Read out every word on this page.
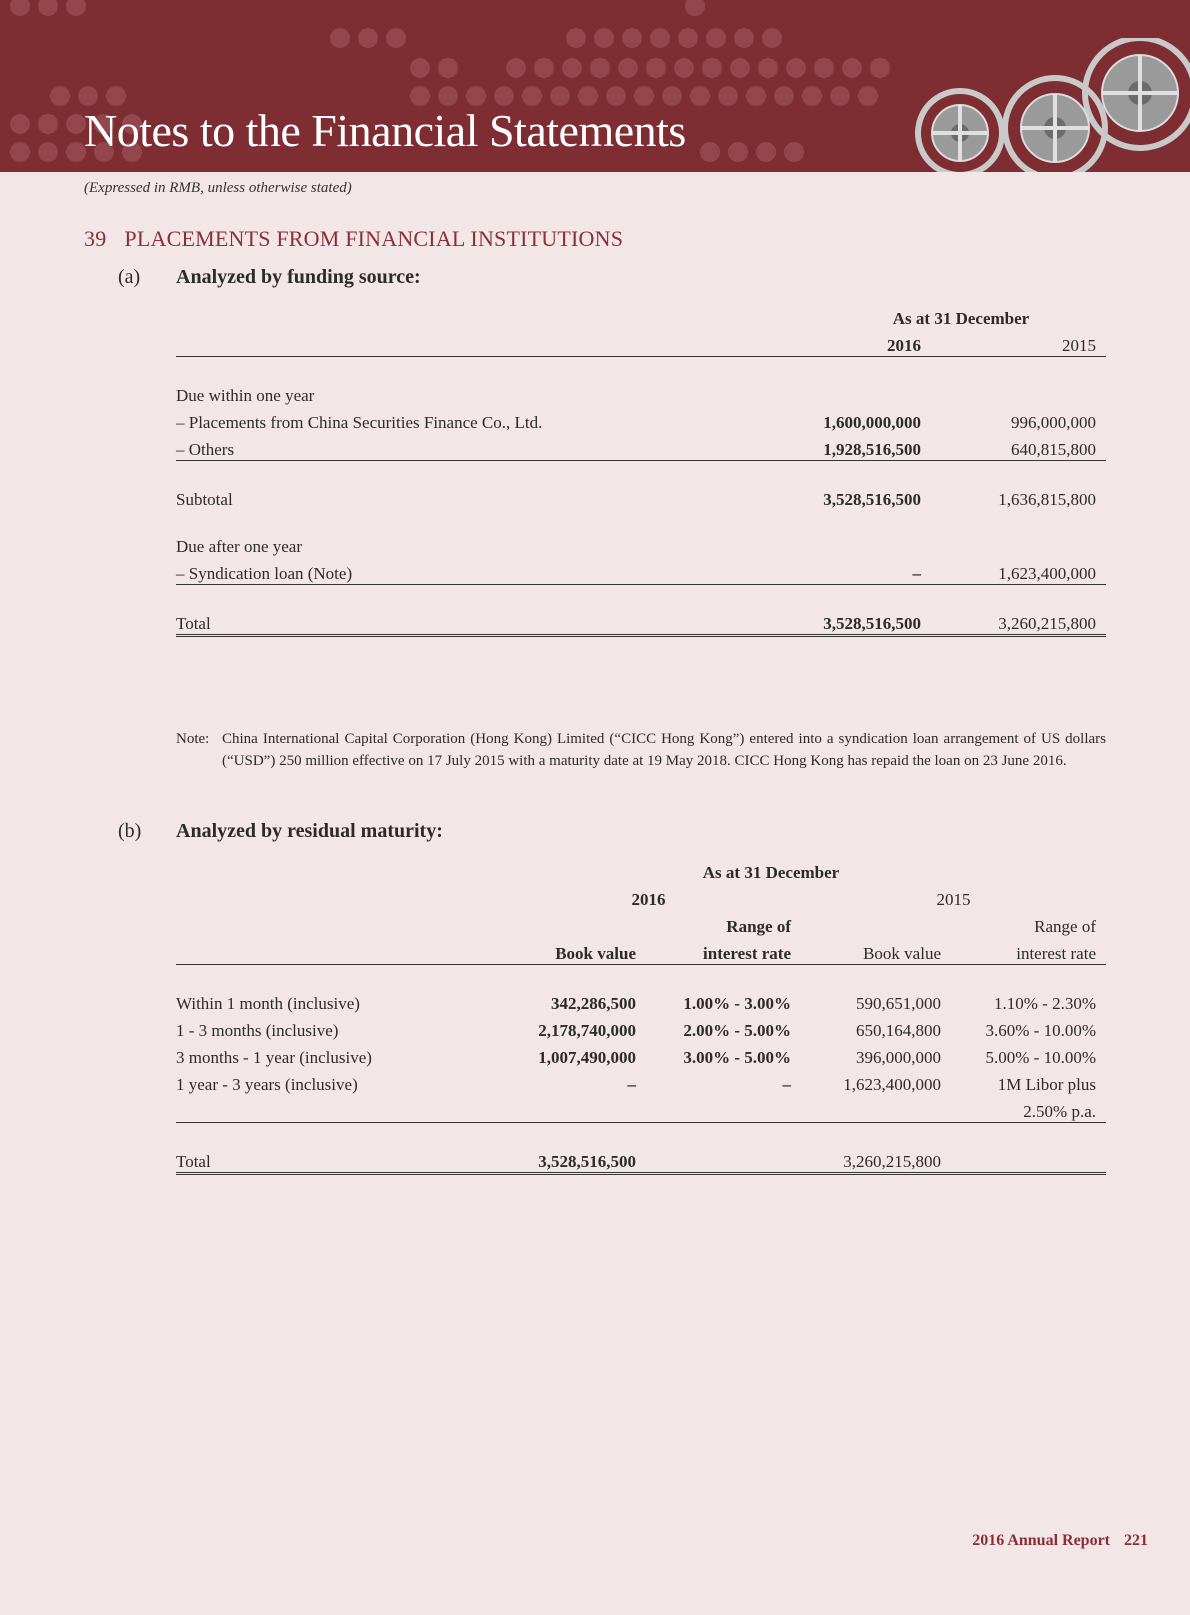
Notes to the Financial Statements
(Expressed in RMB, unless otherwise stated)
39 PLACEMENTS FROM FINANCIAL INSTITUTIONS
(a) Analyzed by funding source:
	As at 31 December	
	2016	2015

Due within one year		
– Placements from China Securities Finance Co., Ltd.	1,600,000,000	996,000,000
– Others	1,928,516,500	640,815,800

Subtotal	3,528,516,500	1,636,815,800

Due after one year		
– Syndication loan (Note)	–	1,623,400,000

Total	3,528,516,500	3,260,215,800
Note: China International Capital Corporation (Hong Kong) Limited (“CICC Hong Kong”) entered into a syndication loan arrangement of US dollars (“USD”) 250 million effective on 17 July 2015 with a maturity date at 19 May 2018. CICC Hong Kong has repaid the loan on 23 June 2016.
(b) Analyzed by residual maturity:
	As at 31 December			
	2016		2015	
		Range of		Range of
	Book value	interest rate	Book value	interest rate

Within 1 month (inclusive)	342,286,500	1.00% - 3.00%	590,651,000	1.10% - 2.30%
1 - 3 months (inclusive)	2,178,740,000	2.00% - 5.00%	650,164,800	3.60% - 10.00%
3 months - 1 year (inclusive)	1,007,490,000	3.00% - 5.00%	396,000,000	5.00% - 10.00%
1 year - 3 years (inclusive)	–	–	1,623,400,000	1M Libor plus
				2.50% p.a.

Total	3,528,516,500		3,260,215,800	
2016 Annual Report 221
